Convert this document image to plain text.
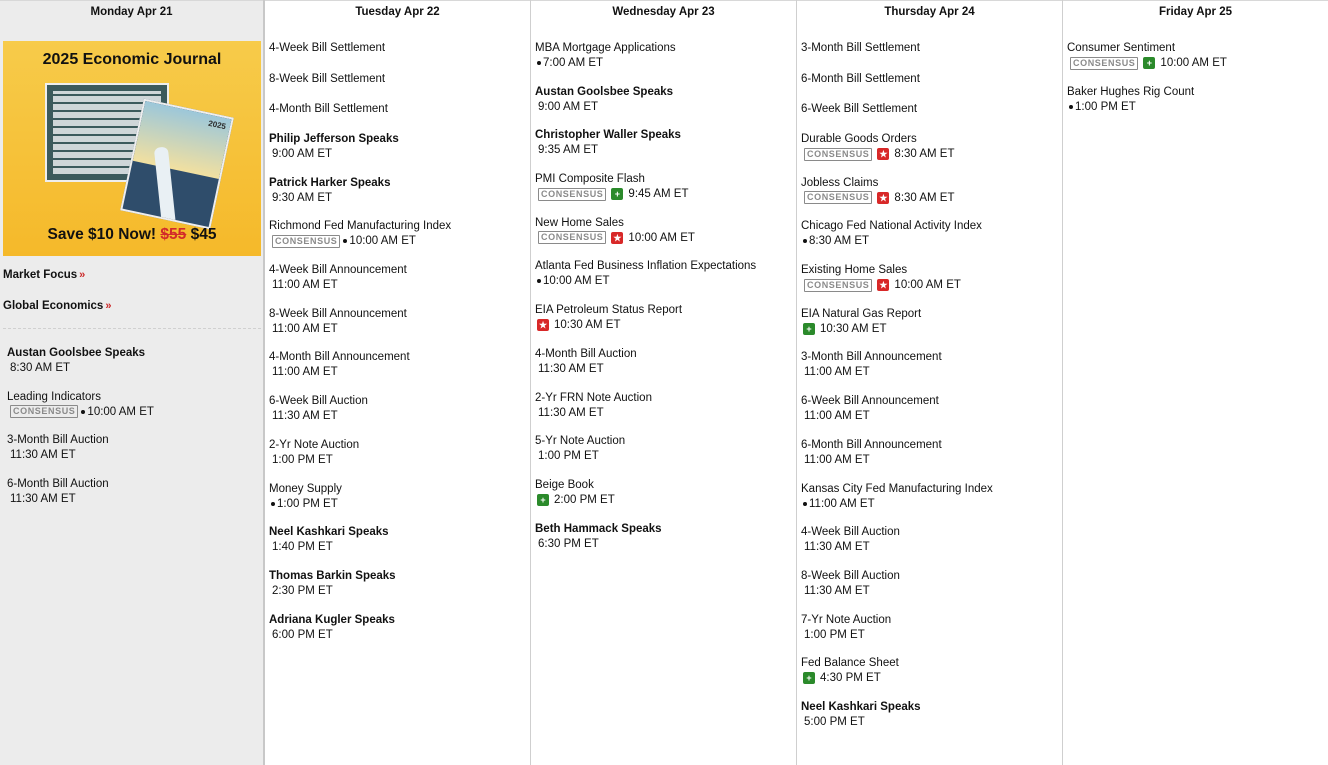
Monday Apr 21
2025 Economic Journal
2025
Save $10 Now! $55 $45
Market Focus »
Global Economics »
Austan Goolsbee Speaks
8:30 AM ET
Leading Indicators
CONSENSUS 10:00 AM ET
3-Month Bill Auction
11:30 AM ET
6-Month Bill Auction
11:30 AM ET
Tuesday Apr 22
4-Week Bill Settlement
8-Week Bill Settlement
4-Month Bill Settlement
Philip Jefferson Speaks
9:00 AM ET
Patrick Harker Speaks
9:30 AM ET
Richmond Fed Manufacturing Index
CONSENSUS 10:00 AM ET
4-Week Bill Announcement
11:00 AM ET
8-Week Bill Announcement
11:00 AM ET
4-Month Bill Announcement
11:00 AM ET
6-Week Bill Auction
11:30 AM ET
2-Yr Note Auction
1:00 PM ET
Money Supply
1:00 PM ET
Neel Kashkari Speaks
1:40 PM ET
Thomas Barkin Speaks
2:30 PM ET
Adriana Kugler Speaks
6:00 PM ET
Wednesday Apr 23
MBA Mortgage Applications
7:00 AM ET
Austan Goolsbee Speaks
9:00 AM ET
Christopher Waller Speaks
9:35 AM ET
PMI Composite Flash
CONSENSUS	+ 9:45 AM ET
New Home Sales
CONSENSUS	★ 10:00 AM ET
Atlanta Fed Business Inflation Expectations
10:00 AM ET
EIA Petroleum Status Report
★ 10:30 AM ET
4-Month Bill Auction
11:30 AM ET
2-Yr FRN Note Auction
11:30 AM ET
5-Yr Note Auction
1:00 PM ET
Beige Book
+ 2:00 PM ET
Beth Hammack Speaks
6:30 PM ET
Thursday Apr 24
3-Month Bill Settlement
6-Month Bill Settlement
6-Week Bill Settlement
Durable Goods Orders
CONSENSUS	★ 8:30 AM ET
Jobless Claims
CONSENSUS	★ 8:30 AM ET
Chicago Fed National Activity Index
8:30 AM ET
Existing Home Sales
CONSENSUS	★ 10:00 AM ET
EIA Natural Gas Report
+ 10:30 AM ET
3-Month Bill Announcement
11:00 AM ET
6-Week Bill Announcement
11:00 AM ET
6-Month Bill Announcement
11:00 AM ET
Kansas City Fed Manufacturing Index
11:00 AM ET
4-Week Bill Auction
11:30 AM ET
8-Week Bill Auction
11:30 AM ET
7-Yr Note Auction
1:00 PM ET
Fed Balance Sheet
+ 4:30 PM ET
Neel Kashkari Speaks
5:00 PM ET
Friday Apr 25
Consumer Sentiment
CONSENSUS	+ 10:00 AM ET
Baker Hughes Rig Count
1:00 PM ET
